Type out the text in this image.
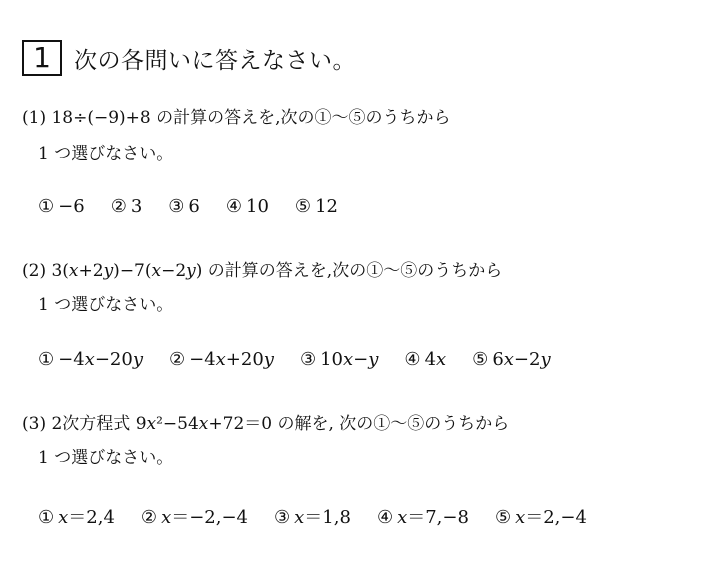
1	次の各問いに答えなさい。
(1) 18÷(−9)+8 の計算の答えを,次の①〜⑤のうちから
1 つ選びなさい。
① −6 ② 3 ③ 6 ④ 10 ⑤ 12
(2) 3(𝑥+2𝑦)−7(𝑥−2𝑦) の計算の答えを,次の①〜⑤のうちから
1 つ選びなさい。
① −4𝑥−20𝑦 ② −4𝑥+20𝑦 ③ 10𝑥−𝑦 ④ 4𝑥 ⑤ 6𝑥−2𝑦
(3) 2次方程式 9𝑥²−54𝑥+72＝0 の解を, 次の①〜⑤のうちから
1 つ選びなさい。
① 𝑥＝2,4 ② 𝑥＝−2,−4 ③ 𝑥＝1,8 ④ 𝑥＝7,−8 ⑤ 𝑥＝2,−4
